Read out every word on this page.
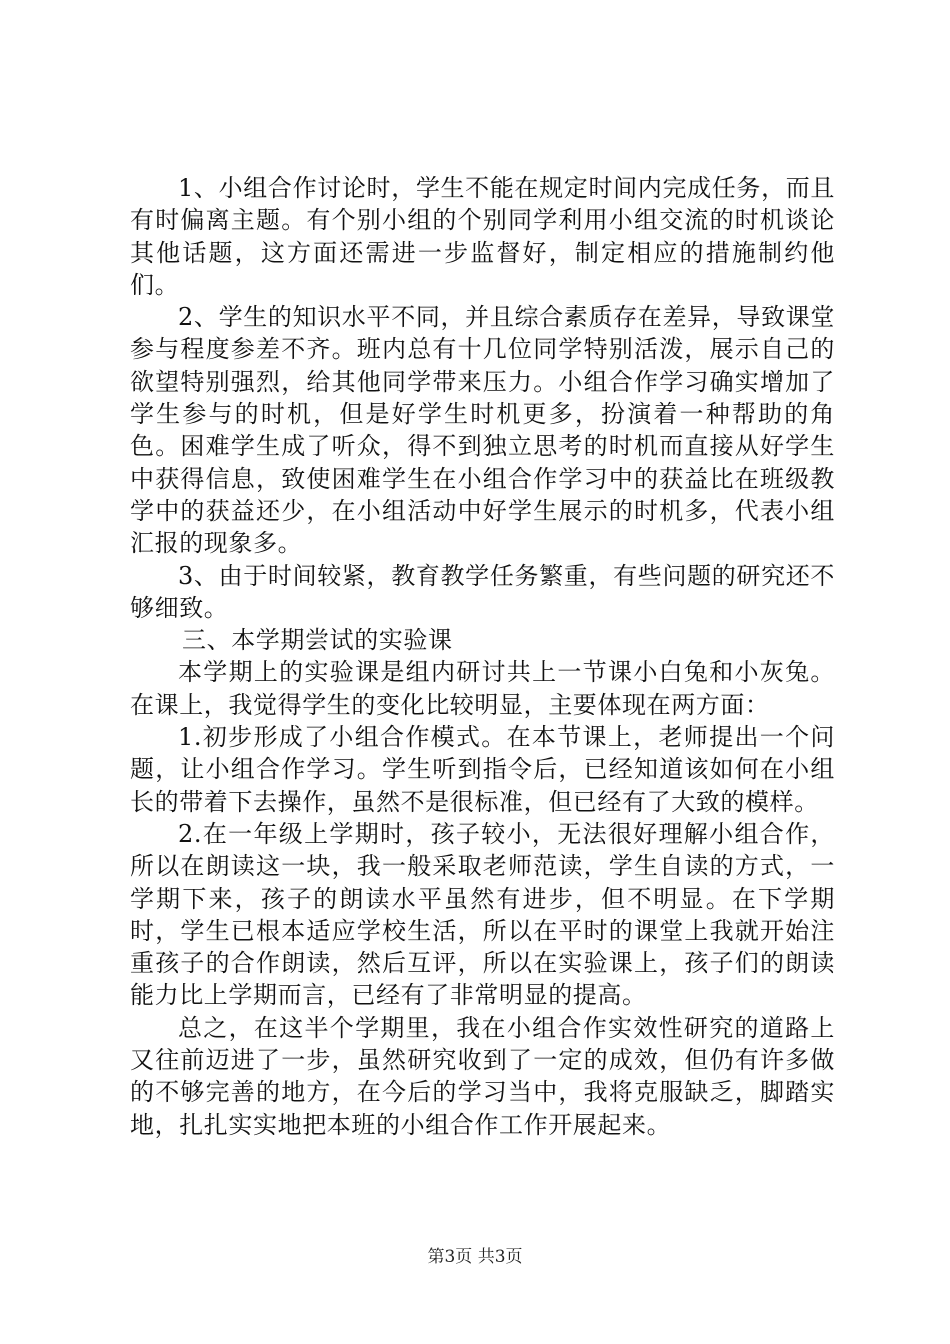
1、小组合作讨论时，学生不能在规定时间内完成任务，而且有时偏离主题。有个别小组的个别同学利用小组交流的时机谈论其他话题，这方面还需进一步监督好，制定相应的措施制约他们。

2、学生的知识水平不同，并且综合素质存在差异，导致课堂参与程度参差不齐。班内总有十几位同学特别活泼，展示自己的欲望特别强烈，给其他同学带来压力。小组合作学习确实增加了学生参与的时机，但是好学生时机更多，扮演着一种帮助的角色。困难学生成了听众，得不到独立思考的时机而直接从好学生中获得信息，致使困难学生在小组合作学习中的获益比在班级教学中的获益还少，在小组活动中好学生展示的时机多，代表小组汇报的现象多。

3、由于时间较紧，教育教学任务繁重，有些问题的研究还不够细致。

三、本学期尝试的实验课

本学期上的实验课是组内研讨共上一节课小白兔和小灰兔。在课上，我觉得学生的变化比较明显，主要体现在两方面：

1.初步形成了小组合作模式。在本节课上，老师提出一个问题，让小组合作学习。学生听到指令后，已经知道该如何在小组长的带着下去操作，虽然不是很标准，但已经有了大致的模样。

2.在一年级上学期时，孩子较小，无法很好理解小组合作，所以在朗读这一块，我一般采取老师范读，学生自读的方式，一学期下来，孩子的朗读水平虽然有进步，但不明显。在下学期时，学生已根本适应学校生活，所以在平时的课堂上我就开始注重孩子的合作朗读，然后互评，所以在实验课上，孩子们的朗读能力比上学期而言，已经有了非常明显的提高。

总之，在这半个学期里，我在小组合作实效性研究的道路上又往前迈进了一步，虽然研究收到了一定的成效，但仍有许多做的不够完善的地方，在今后的学习当中，我将克服缺乏，脚踏实地，扎扎实实地把本班的小组合作工作开展起来。

第3页 共3页
